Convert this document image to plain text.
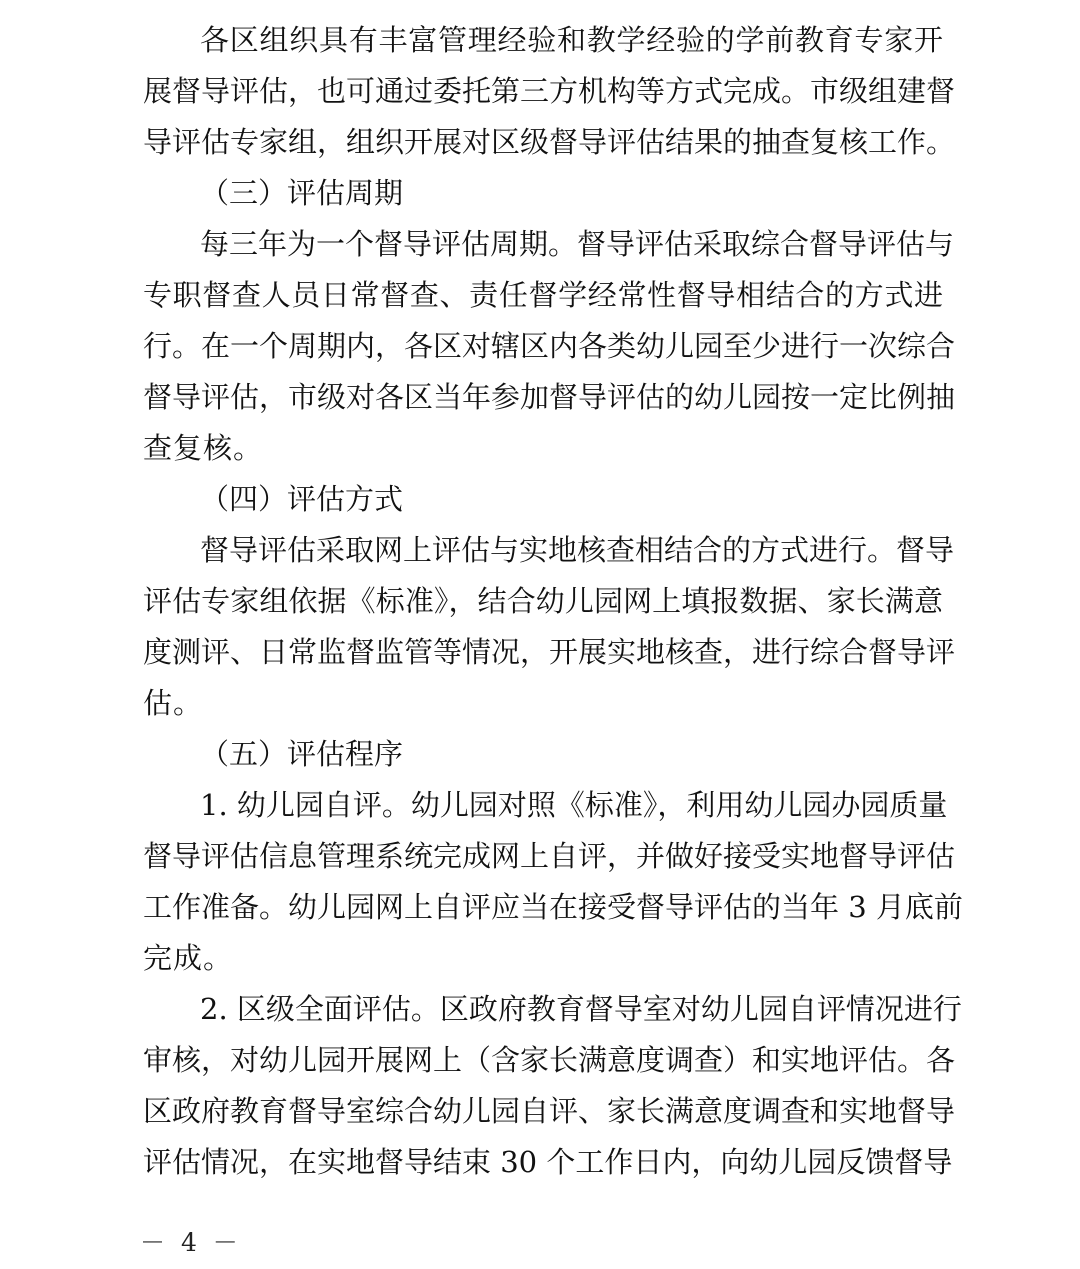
各区组织具有丰富管理经验和教学经验的学前教育专家开
展督导评估，也可通过委托第三方机构等方式完成。市级组建督
导评估专家组，组织开展对区级督导评估结果的抽查复核工作。
（三）评估周期
每三年为一个督导评估周期。督导评估采取综合督导评估与
专职督查人员日常督查、责任督学经常性督导相结合的方式进
行。在一个周期内，各区对辖区内各类幼儿园至少进行一次综合
督导评估，市级对各区当年参加督导评估的幼儿园按一定比例抽
查复核。
（四）评估方式
督导评估采取网上评估与实地核查相结合的方式进行。督导
评估专家组依据《标准》，结合幼儿园网上填报数据、家长满意
度测评、日常监督监管等情况，开展实地核查，进行综合督导评
估。
（五）评估程序
1. 幼儿园自评。幼儿园对照《标准》，利用幼儿园办园质量
督导评估信息管理系统完成网上自评，并做好接受实地督导评估
工作准备。幼儿园网上自评应当在接受督导评估的当年 3 月底前
完成。
2. 区级全面评估。区政府教育督导室对幼儿园自评情况进行
审核，对幼儿园开展网上（含家长满意度调查）和实地评估。各
区政府教育督导室综合幼儿园自评、家长满意度调查和实地督导
评估情况，在实地督导结束 30 个工作日内，向幼儿园反馈督导
－ 4 －
